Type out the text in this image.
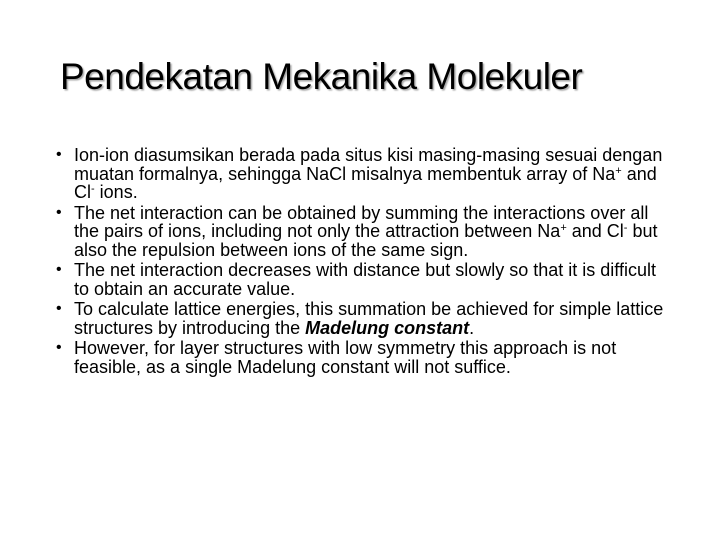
Pendekatan Mekanika Molekuler
• Ion-ion diasumsikan berada pada situs kisi masing-masing sesuai dengan muatan formalnya, sehingga NaCl misalnya membentuk array of Na+ and Cl- ions.
• The net interaction can be obtained by summing the interactions over all the pairs of ions, including not only the attraction between Na+ and Cl- but also the repulsion between ions of the same sign.
• The net interaction decreases with distance but slowly so that it is difficult to obtain an accurate value.
• To calculate lattice energies, this summation be achieved for simple lattice structures by introducing the Madelung constant.
• However, for layer structures with low symmetry this approach is not feasible, as a single Madelung constant will not suffice.
